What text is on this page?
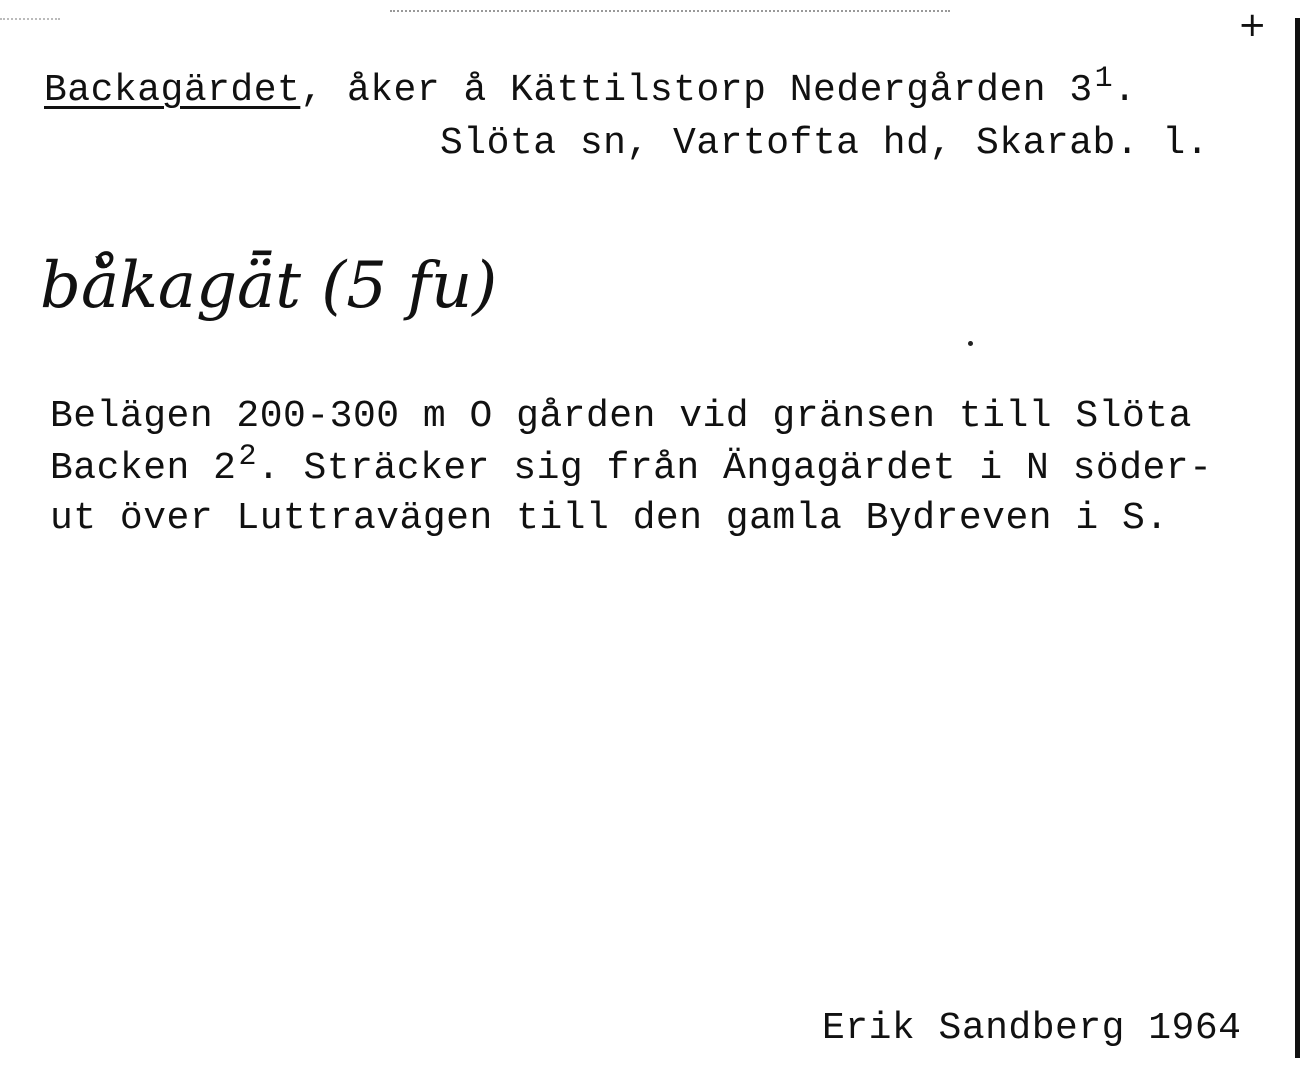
+
Backagärdet, åker å Kättilstorp Nedergården $3^1$.
Slöta sn, Vartofta hd, Skarab. l.
bå̀kagǟt (5 fu)
Belägen 200-300 m O gården vid gränsen till Slöta
Backen $2^2$. Sträcker sig från Ängagärdet i N söder-
ut över Luttravägen till den gamla Bydreven i S.
Erik Sandberg 1964
